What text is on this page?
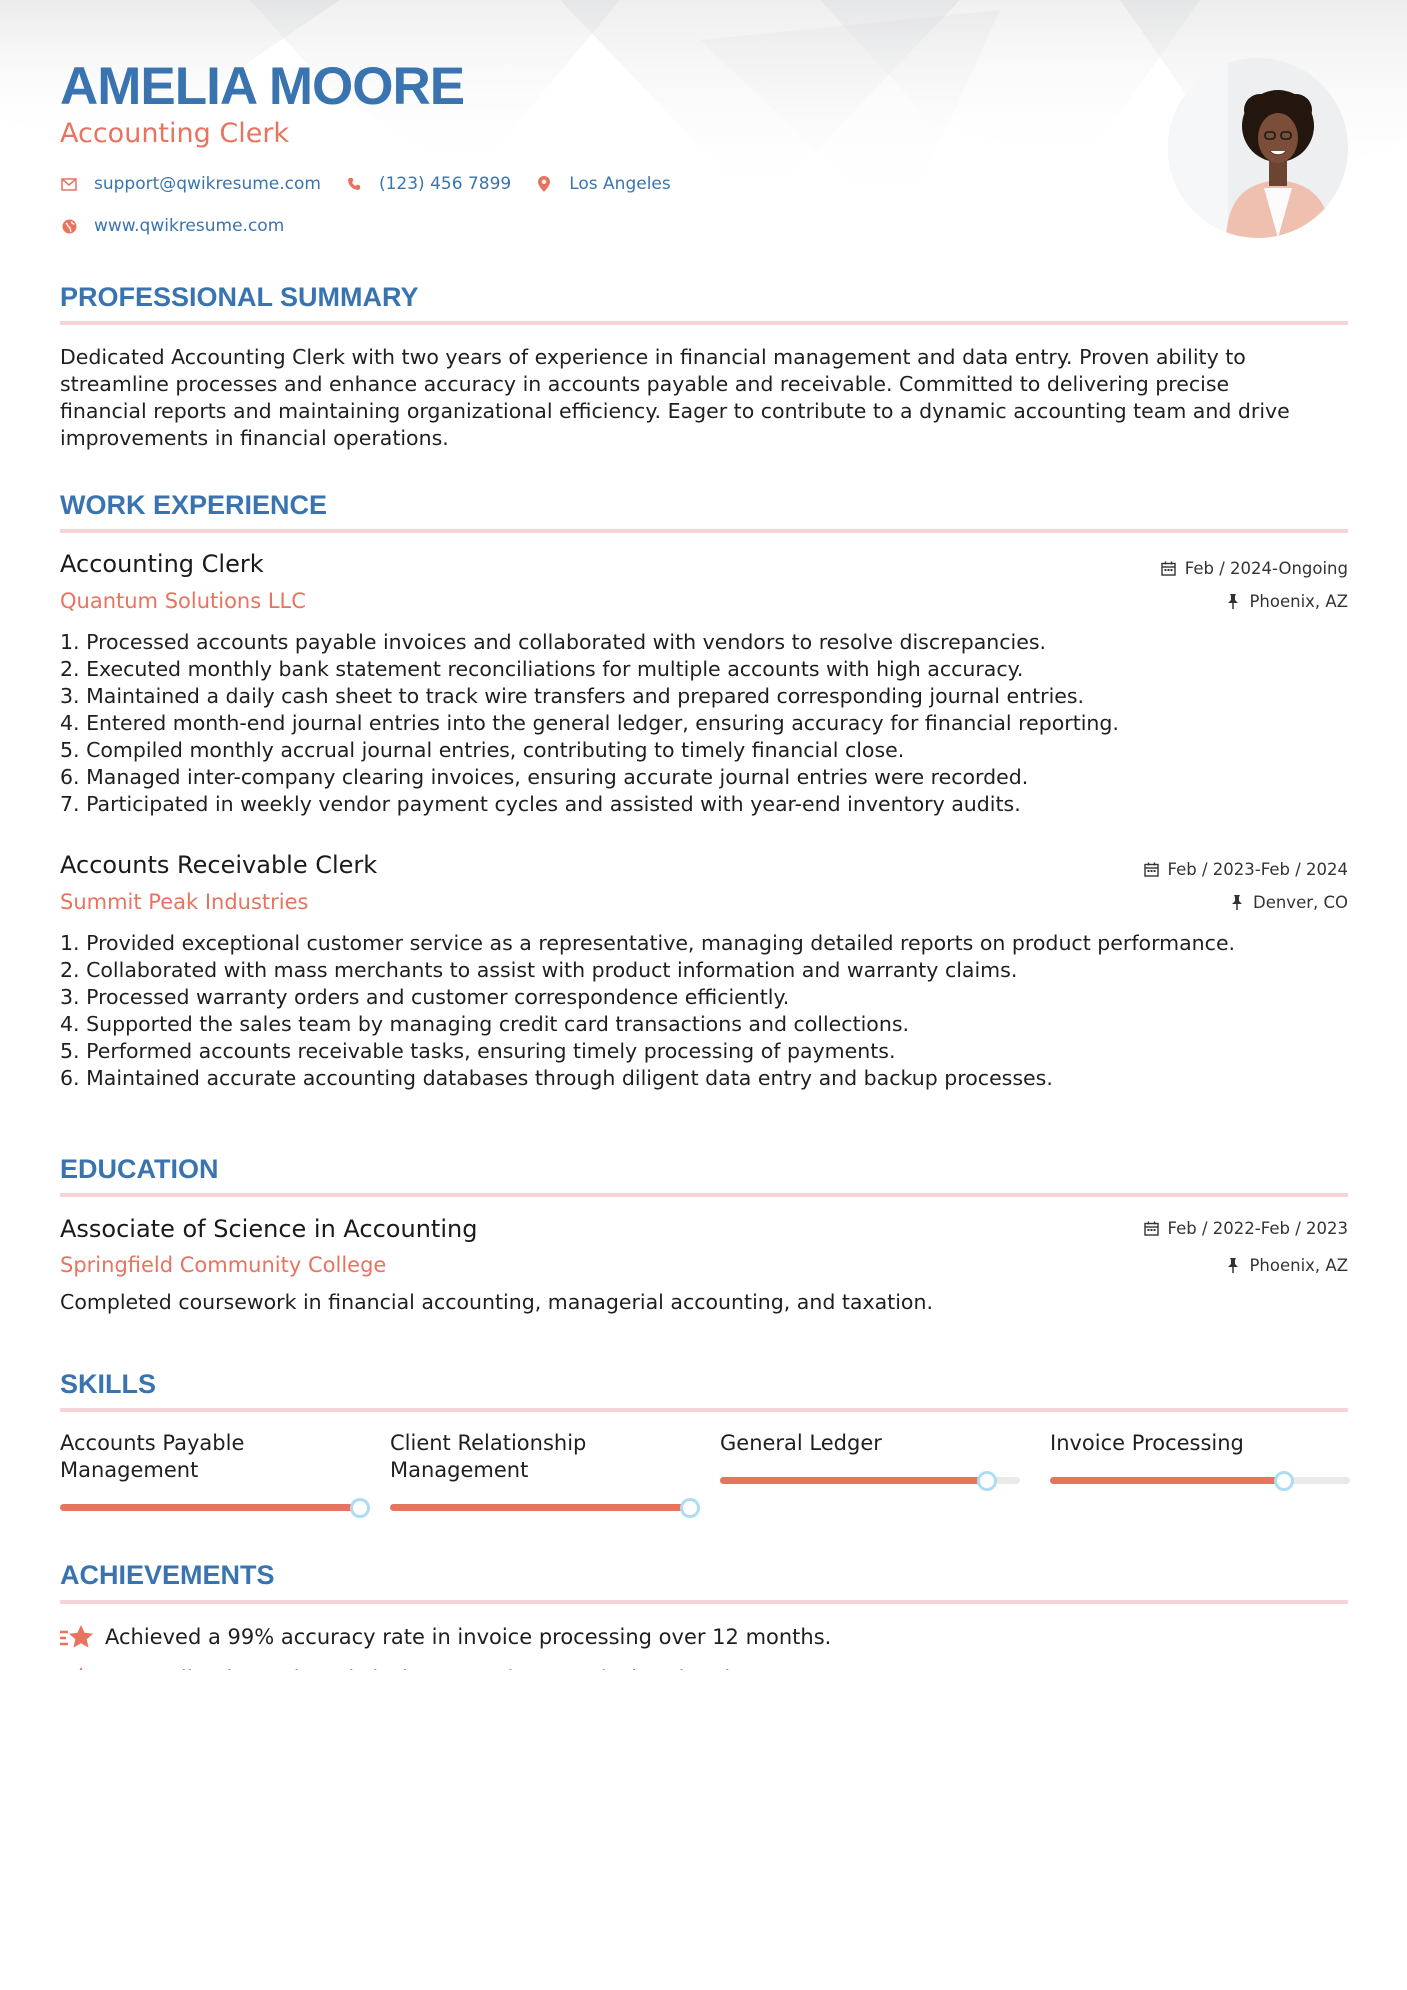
AMELIA MOORE
Accounting Clerk
support@qwikresume.com	(123) 456 7899	Los Angeles
www.qwikresume.com
PROFESSIONAL SUMMARY
Dedicated Accounting Clerk with two years of experience in financial management and data entry. Proven ability to
streamline processes and enhance accuracy in accounts payable and receivable. Committed to delivering precise
financial reports and maintaining organizational efficiency. Eager to contribute to a dynamic accounting team and drive
improvements in financial operations.
WORK EXPERIENCE
Accounting Clerk
Quantum Solutions LLC
Feb / 2024-Ongoing
Phoenix, AZ
1. Processed accounts payable invoices and collaborated with vendors to resolve discrepancies.
2. Executed monthly bank statement reconciliations for multiple accounts with high accuracy.
3. Maintained a daily cash sheet to track wire transfers and prepared corresponding journal entries.
4. Entered month-end journal entries into the general ledger, ensuring accuracy for financial reporting.
5. Compiled monthly accrual journal entries, contributing to timely financial close.
6. Managed inter-company clearing invoices, ensuring accurate journal entries were recorded.
7. Participated in weekly vendor payment cycles and assisted with year-end inventory audits.
Accounts Receivable Clerk
Summit Peak Industries
Feb / 2023-Feb / 2024
Denver, CO
1. Provided exceptional customer service as a representative, managing detailed reports on product performance.
2. Collaborated with mass merchants to assist with product information and warranty claims.
3. Processed warranty orders and customer correspondence efficiently.
4. Supported the sales team by managing credit card transactions and collections.
5. Performed accounts receivable tasks, ensuring timely processing of payments.
6. Maintained accurate accounting databases through diligent data entry and backup processes.
EDUCATION
Associate of Science in Accounting
Springfield Community College
Feb / 2022-Feb / 2023
Phoenix, AZ
Completed coursework in financial accounting, managerial accounting, and taxation.
SKILLS
Accounts Payable
Management
Client Relationship
Management
General Ledger	Invoice Processing
ACHIEVEMENTS
Achieved a 99% accuracy rate in invoice processing over 12 months.
